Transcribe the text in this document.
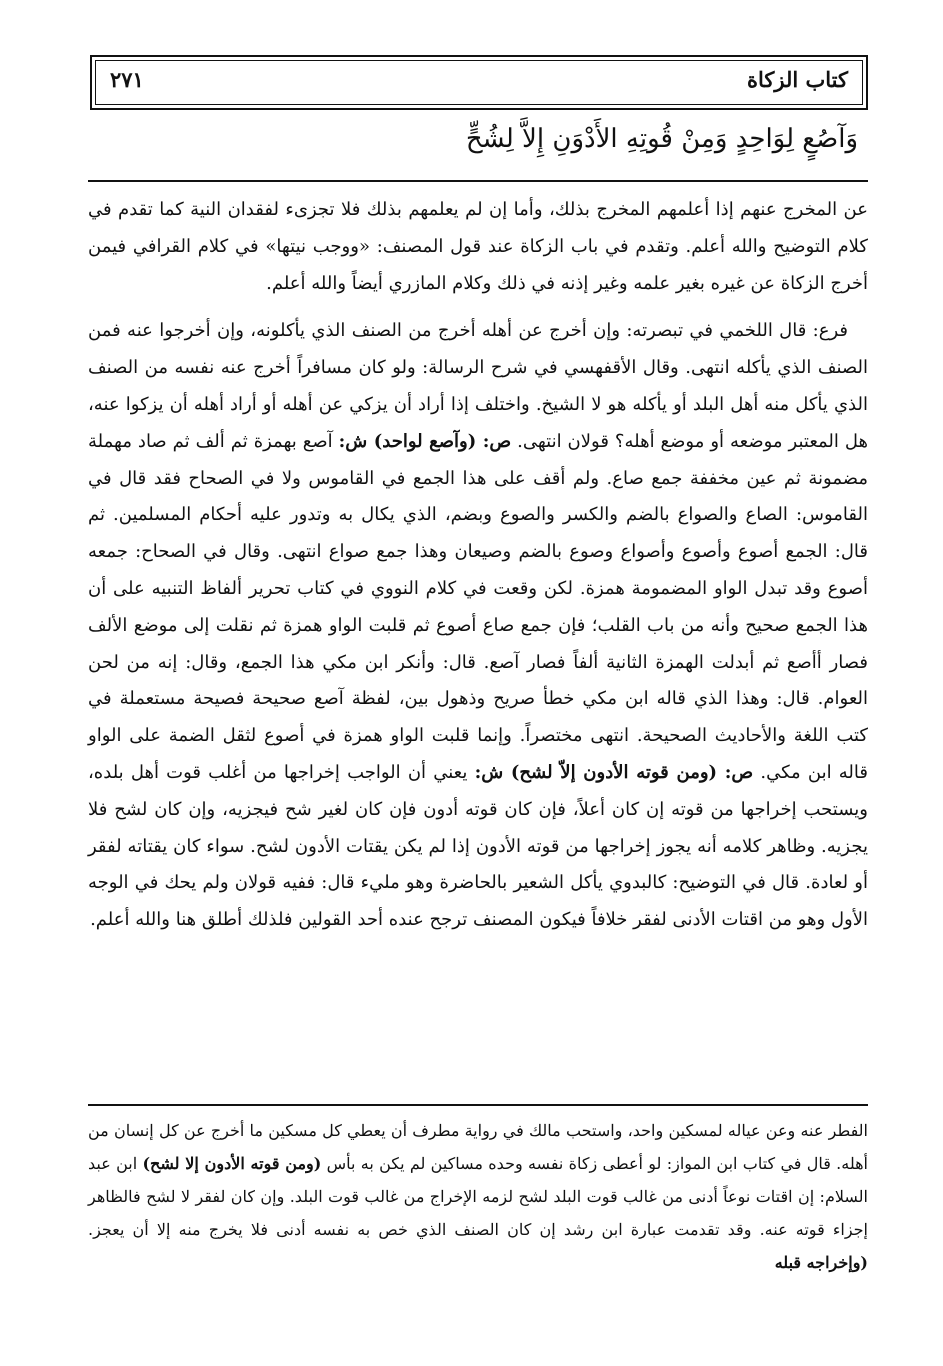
كتاب الزكاة
٢٧١
وَآصُعٍ لِوَاحِدٍ وَمِنْ قُوتِهِ الأَدْوَنِ إِلاَّ لِشُحٍّ

عن المخرج عنهم إذا أعلمهم المخرج بذلك، وأما إن لم يعلمهم بذلك فلا تجزىء لفقدان النية كما تقدم في كلام التوضيح والله أعلم. وتقدم في باب الزكاة عند قول المصنف: «ووجب نيتها» في كلام القرافي فيمن أخرج الزكاة عن غيره بغير علمه وغير إذنه في ذلك وكلام المازري أيضاً والله أعلم.

فرع: قال اللخمي في تبصرته: وإن أخرج عن أهله أخرج من الصنف الذي يأكلونه، وإن أخرجوا عنه فمن الصنف الذي يأكله انتهى. وقال الأقفهسي في شرح الرسالة: ولو كان مسافراً أخرج عنه نفسه من الصنف الذي يأكل منه أهل البلد أو يأكله هو لا الشيخ. واختلف إذا أراد أن يزكي عن أهله أو أراد أهله أن يزكوا عنه، هل المعتبر موضعه أو موضع أهله؟ قولان انتهى. ص: (وآصع لواحد) ش: آصع بهمزة ثم ألف ثم صاد مهملة مضمونة ثم عين مخففة جمع صاع. ولم أقف على هذا الجمع في القاموس ولا في الصحاح فقد قال في القاموس: الصاع والصواع بالضم والكسر والصوع وبضم، الذي يكال به وتدور عليه أحكام المسلمين. ثم قال: الجمع أصوع وأصوع وأصواع وصوع بالضم وصيعان وهذا جمع صواع انتهى. وقال في الصحاح: جمعه أصوع وقد تبدل الواو المضمومة همزة. لكن وقعت في كلام النووي في كتاب تحرير ألفاظ التنبيه على أن هذا الجمع صحيح وأنه من باب القلب؛ فإن جمع صاع أصوع ثم قلبت الواو همزة ثم نقلت إلى موضع الألف فصار أأصع ثم أبدلت الهمزة الثانية ألفاً فصار آصع. قال: وأنكر ابن مكي هذا الجمع، وقال: إنه من لحن العوام. قال: وهذا الذي قاله ابن مكي خطأ صريح وذهول بين، لفظة آصع صحيحة فصيحة مستعملة في كتب اللغة والأحاديث الصحيحة. انتهى مختصراً. وإنما قلبت الواو همزة في أصوع لثقل الضمة على الواو قاله ابن مكي. ص: (ومن قوته الأدون إلاّ لشح) ش: يعني أن الواجب إخراجها من أغلب قوت أهل بلده، ويستحب إخراجها من قوته إن كان أعلاً، فإن كان قوته أدون فإن كان لغير شح فيجزيه، وإن كان لشح فلا يجزيه. وظاهر كلامه أنه يجوز إخراجها من قوته الأدون إذا لم يكن يقتات الأدون لشح. سواء كان يقتاته لفقر أو لعادة. قال في التوضيح: كالبدوي يأكل الشعير بالحاضرة وهو مليء قال: ففيه قولان ولم يحك في الوجه الأول وهو من اقتات الأدنى لفقر خلافاً فيكون المصنف ترجح عنده أحد القولين فلذلك أطلق هنا والله أعلم.

الفطر عنه وعن عياله لمسكين واحد، واستحب مالك في رواية مطرف أن يعطي كل مسكين ما أخرج عن كل إنسان من أهله. قال في كتاب ابن المواز: لو أعطى زكاة نفسه وحده مساكين لم يكن به بأس (ومن قوته الأدون إلا لشح) ابن عبد السلام: إن اقتات نوعاً أدنى من غالب قوت البلد لشح لزمه الإخراج من غالب قوت البلد. وإن كان لفقر لا لشح فالظاهر إجزاء قوته عنه. وقد تقدمت عبارة ابن رشد إن كان الصنف الذي خص به نفسه أدنى فلا يخرج منه إلا أن يعجز. (وإخراجه قبله
